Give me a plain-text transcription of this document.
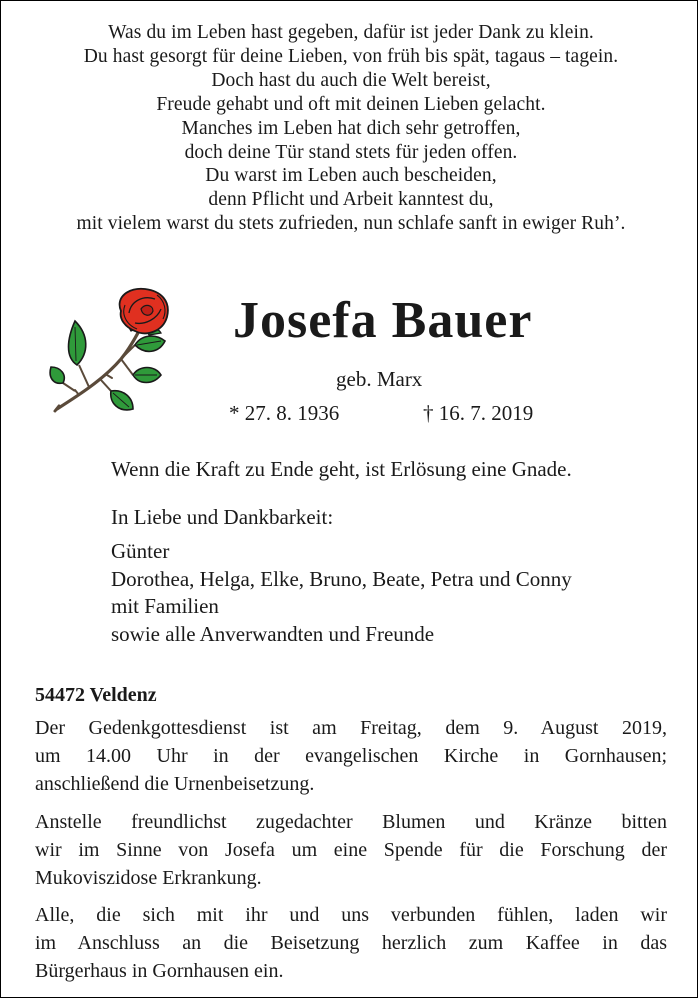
Was du im Leben hast gegeben, dafür ist jeder Dank zu klein.
Du hast gesorgt für deine Lieben, von früh bis spät, tagaus – tagein.
Doch hast du auch die Welt bereist,
Freude gehabt und oft mit deinen Lieben gelacht.
Manches im Leben hat dich sehr getroffen,
doch deine Tür stand stets für jeden offen.
Du warst im Leben auch bescheiden,
denn Pflicht und Arbeit kanntest du,
mit vielem warst du stets zufrieden, nun schlafe sanft in ewiger Ruh’.
Josefa Bauer
geb. Marx
* 27. 8. 1936	† 16. 7. 2019
Wenn die Kraft zu Ende geht, ist Erlösung eine Gnade.
In Liebe und Dankbarkeit:
Günter
Dorothea, Helga, Elke, Bruno, Beate, Petra und Conny
mit Familien
sowie alle Anverwandten und Freunde
54472 Veldenz
Der Gedenkgottesdienst ist am Freitag, dem 9. August 2019,
um 14.00 Uhr in der evangelischen Kirche in Gornhausen;
anschließend die Urnenbeisetzung.
Anstelle freundlichst zugedachter Blumen und Kränze bitten
wir im Sinne von Josefa um eine Spende für die Forschung der
Mukoviszidose Erkrankung.
Alle, die sich mit ihr und uns verbunden fühlen, laden wir
im Anschluss an die Beisetzung herzlich zum Kaffee in das
Bürgerhaus in Gornhausen ein.
